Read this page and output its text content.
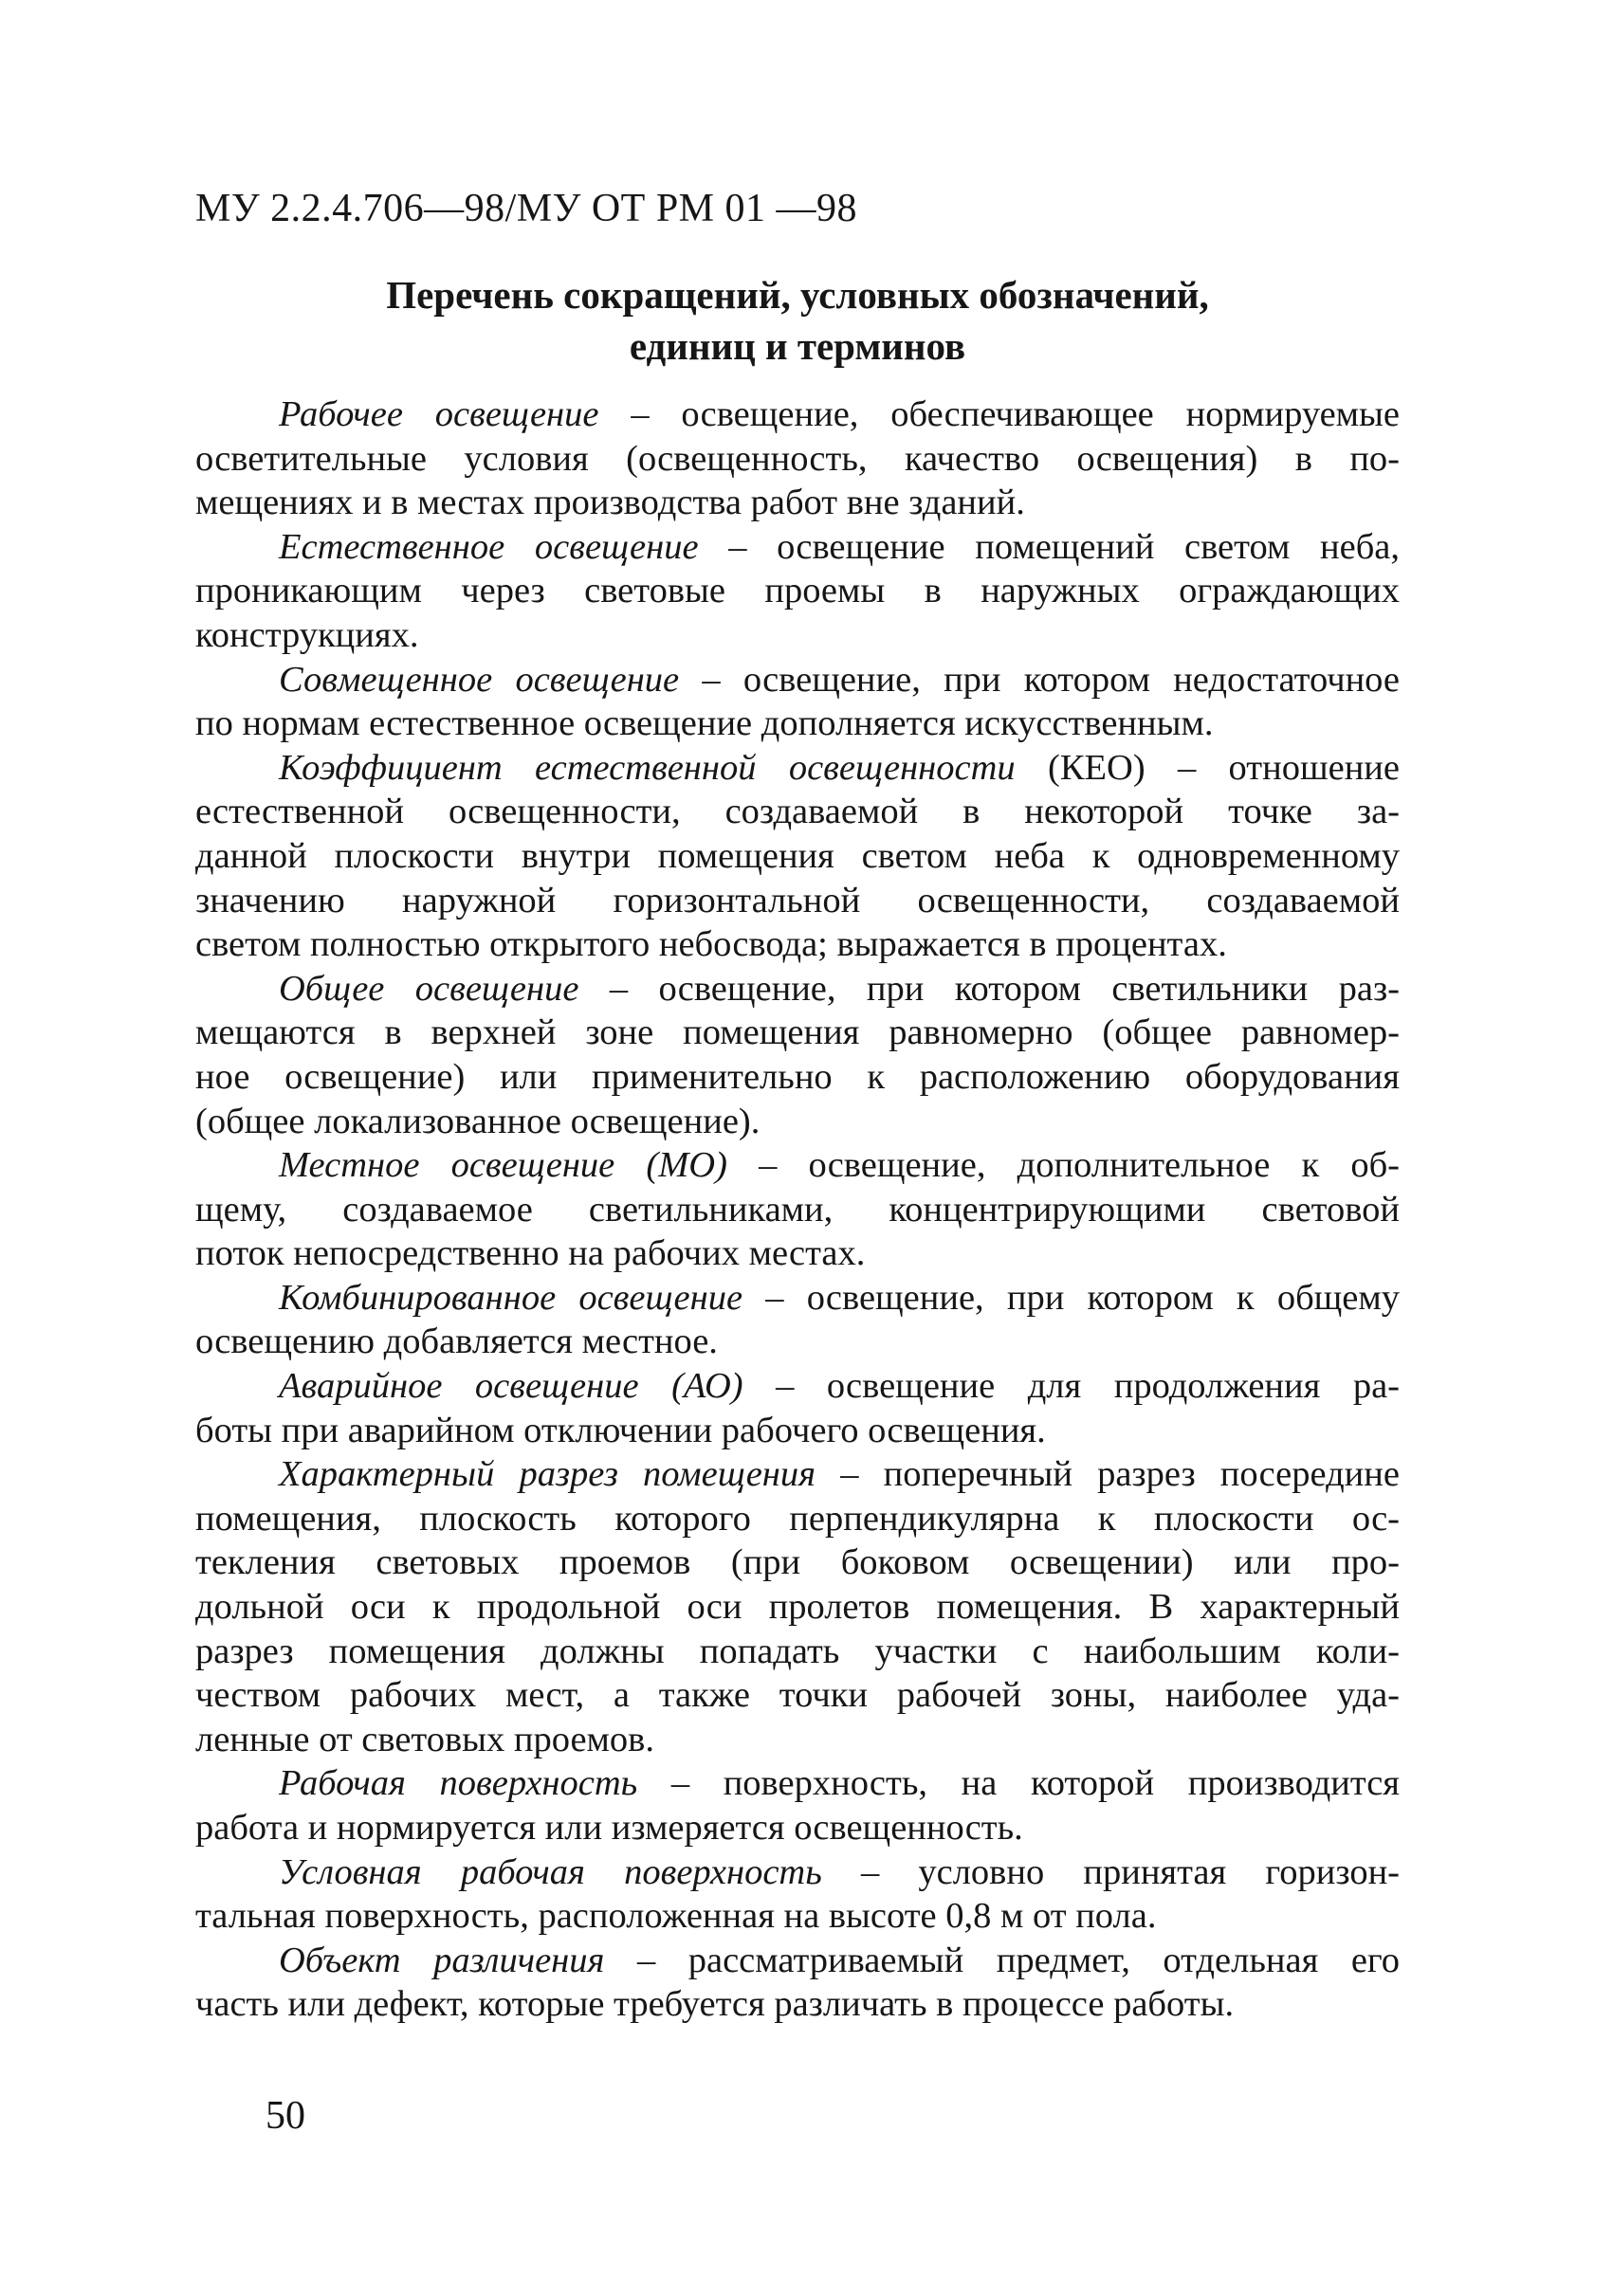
МУ 2.2.4.706—98/МУ ОТ РМ 01 —98
Перечень сокращений, условных обозначений,
единиц и терминов
Рабочее освещение – освещение, обеспечивающее нормируемые
осветительные условия (освещенность, качество освещения) в по-
мещениях и в местах производства работ вне зданий.
Естественное освещение – освещение помещений светом неба,
проникающим через световые проемы в наружных ограждающих
конструкциях.
Совмещенное освещение – освещение, при котором недостаточное
по нормам естественное освещение дополняется искусственным.
Коэффициент естественной освещенности (КЕО) – отношение
естественной освещенности, создаваемой в некоторой точке за-
данной плоскости внутри помещения светом неба к одновременному
значению наружной горизонтальной освещенности, создаваемой
светом полностью открытого небосвода; выражается в процентах.
Общее освещение – освещение, при котором светильники раз-
мещаются в верхней зоне помещения равномерно (общее равномер-
ное освещение) или применительно к расположению оборудования
(общее локализованное освещение).
Местное освещение (МО) – освещение, дополнительное к об-
щему, создаваемое светильниками, концентрирующими световой
поток непосредственно на рабочих местах.
Комбинированное освещение – освещение, при котором к общему
освещению добавляется местное.
Аварийное освещение (АО) – освещение для продолжения ра-
боты при аварийном отключении рабочего освещения.
Характерный разрез помещения – поперечный разрез посередине
помещения, плоскость которого перпендикулярна к плоскости ос-
текления световых проемов (при боковом освещении) или про-
дольной оси к продольной оси пролетов помещения. В характерный
разрез помещения должны попадать участки с наибольшим коли-
чеством рабочих мест, а также точки рабочей зоны, наиболее уда-
ленные от световых проемов.
Рабочая поверхность – поверхность, на которой производится
работа и нормируется или измеряется освещенность.
Условная рабочая поверхность – условно принятая горизон-
тальная поверхность, расположенная на высоте 0,8 м от пола.
Объект различения – рассматриваемый предмет, отдельная его
часть или дефект, которые требуется различать в процессе работы.
50
